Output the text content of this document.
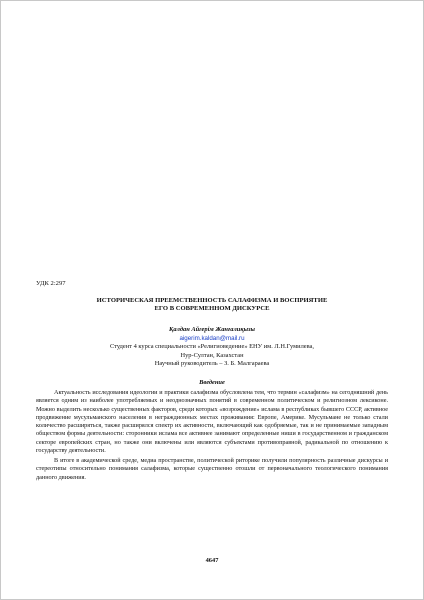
УДК 2:297
ИСТОРИЧЕСКАЯ ПРЕЕМСТВЕННОСТЬ САЛАФИЗМА И ВОСПРИЯТИЕ
ЕГО В СОВРЕМЕННОМ ДИСКУРСЕ
Қалдан Айгерім Жанғалиқызы
aigerim.kaldan@mail.ru
Студент 4 курса специальности «Религиоведение» ЕНУ им. Л.Н.Гумилева,
Нур-Султан, Казахстан
Научный руководитель – З. Б. Малгараева
Введение

Актуальность исследования идеологии и практики салафизма обусловлена тем, что термин «салафизм» на сегодняшний день является одним из наиболее употребляемых и неоднозначных понятий в современном политическом и религиозном лексиконе. Можно выделить несколько существенных факторов, среди которых «возрождение» ислама в республиках бывшего СССР, активное продвижение мусульманского населения в неграждионных местах проживания: Европе, Америке. Мусульмане не только стали количество расширяться, также расширялся спектр их активности, включающий как одобряемые, так и не принимаемые западным обществом формы деятельности: сторонники ислама все активнее занимают определенные ниши в государственном и гражданском секторе европейских стран, но также они включены или являются субъектами противоправной, радикальной по отношению к государству деятельности.

В итоге в академической среде, медиа пространстве, политической риторике получили популярность различные дискурсы и стереотипы относительно понимания салафизма, которые существенно отошли от первоначального теологического понимания данного движения.

4647
